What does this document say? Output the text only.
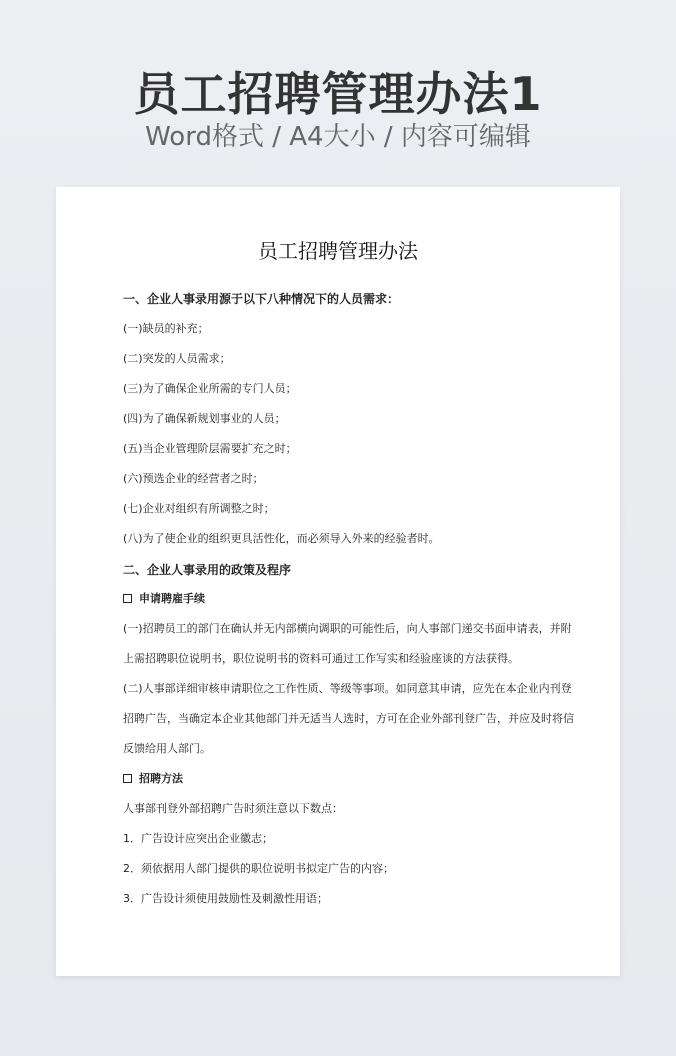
员工招聘管理办法1
Word格式 / A4大小 / 内容可编辑
员工招聘管理办法
一、企业人事录用源于以下八种情况下的人员需求：
(一)缺员的补充；
(二)突发的人员需求；
(三)为了确保企业所需的专门人员；
(四)为了确保新规划事业的人员；
(五)当企业管理阶层需要扩充之时；
(六)预选企业的经营者之时；
(七)企业对组织有所调整之时；
(八)为了使企业的组织更具活性化，而必须导入外来的经验者时。
二、企业人事录用的政策及程序
申请聘雇手续
(一)招聘员工的部门在确认并无内部横向调职的可能性后，向人事部门递交书面申请表，并附
上需招聘职位说明书，职位说明书的资料可通过工作写实和经验座谈的方法获得。
(二)人事部详细审核申请职位之工作性质、等级等事项。如同意其申请，应先在本企业内刊登
招聘广告，当确定本企业其他部门并无适当人选时，方可在企业外部刊登广告，并应及时将信
反馈给用人部门。
招聘方法
人事部刊登外部招聘广告时须注意以下数点：
1．广告设计应突出企业徽志；
2．须依据用人部门提供的职位说明书拟定广告的内容；
3．广告设计须使用鼓励性及刺激性用语；
